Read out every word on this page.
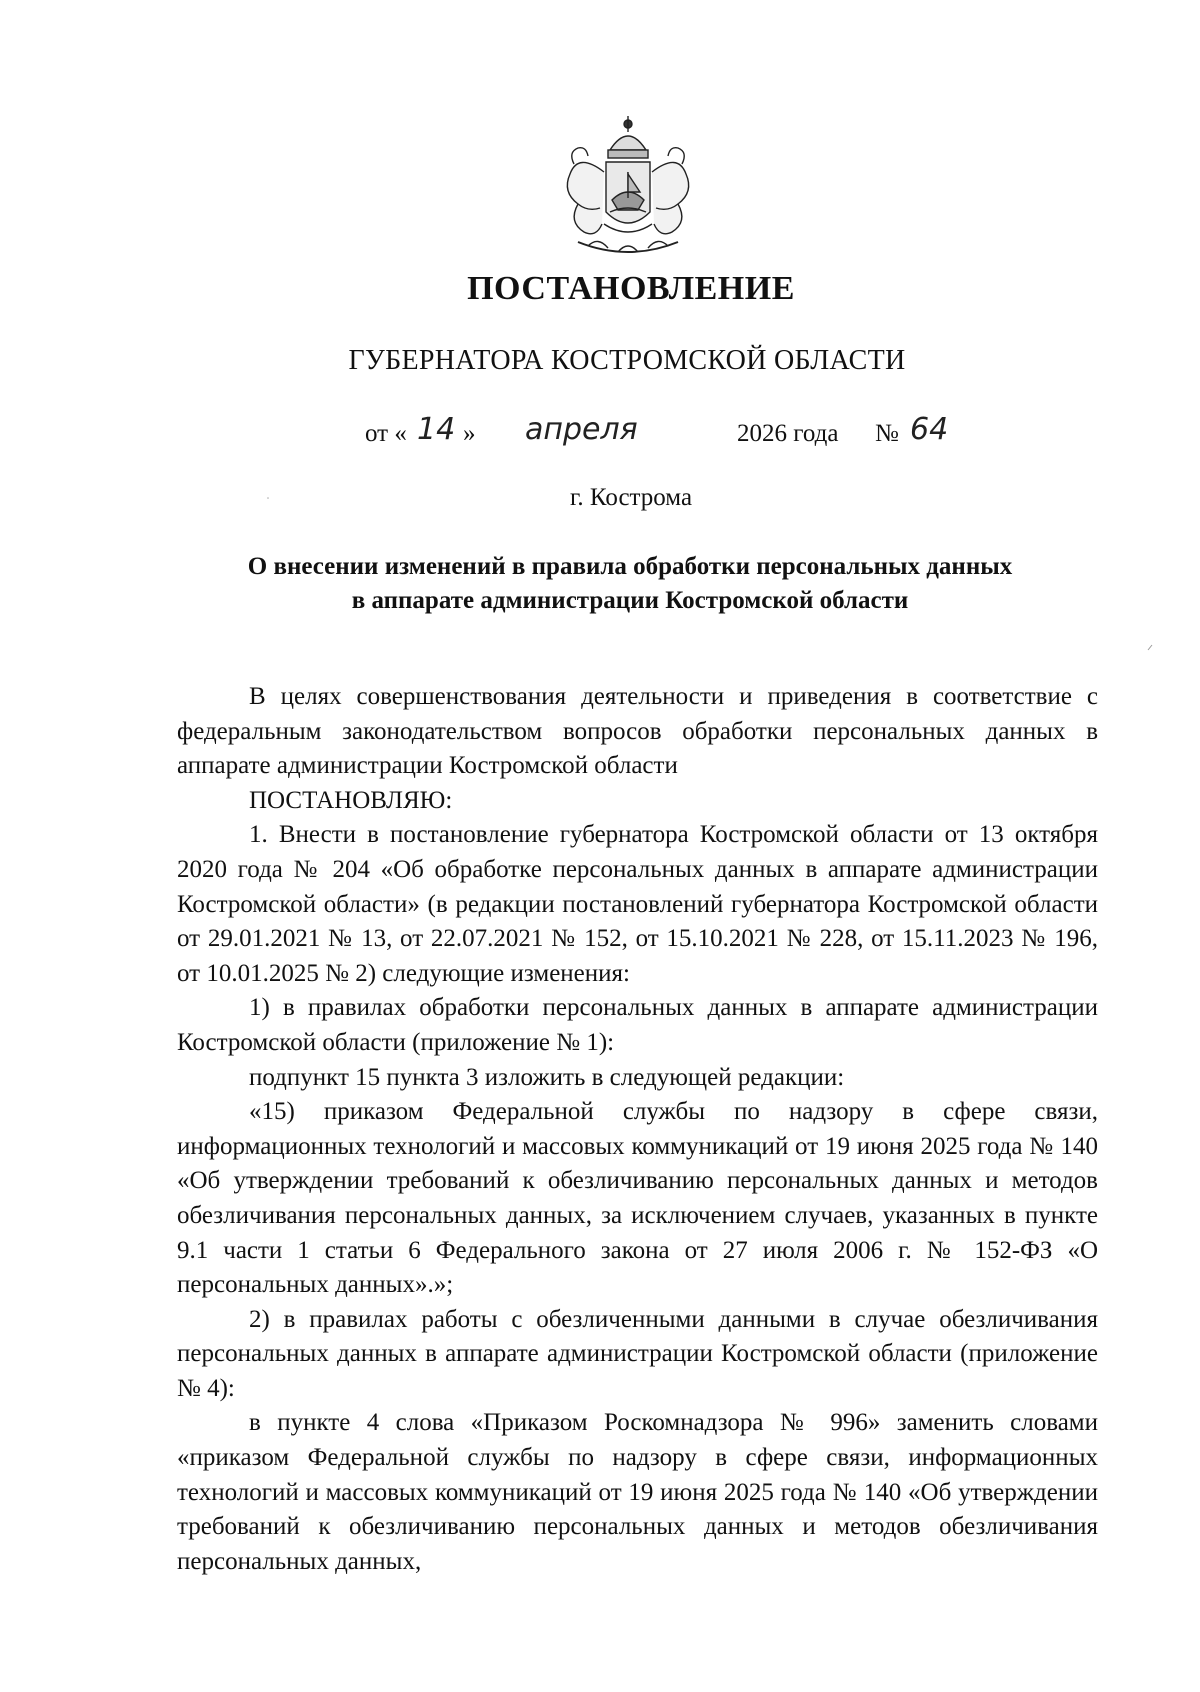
ПОСТАНОВЛЕНИЕ
ГУБЕРНАТОРА КОСТРОМСКОЙ ОБЛАСТИ
от « 14 » апреля	2026 года № 64
г. Кострома
О внесении изменений в правила обработки персональных данных
в аппарате администрации Костромской области

В целях совершенствования деятельности и приведения в соответствие с федеральным законодательством вопросов обработки персональных данных в аппарате администрации Костромской области

ПОСТАНОВЛЯЮ:

1. Внести в постановление губернатора Костромской области от 13 октября 2020 года № 204 «Об обработке персональных данных в аппарате администрации Костромской области» (в редакции постановлений губернатора Костромской области от 29.01.2021 № 13, от 22.07.2021 № 152, от 15.10.2021 № 228, от 15.11.2023 № 196, от 10.01.2025 № 2) следующие изменения:

1) в правилах обработки персональных данных в аппарате администрации Костромской области (приложение № 1):

подпункт 15 пункта 3 изложить в следующей редакции:

«15) приказом Федеральной службы по надзору в сфере связи, информационных технологий и массовых коммуникаций от 19 июня 2025 года № 140 «Об утверждении требований к обезличиванию персональных данных и методов обезличивания персональных данных, за исключением случаев, указанных в пункте 9.1 части 1 статьи 6 Федерального закона от 27 июля 2006 г. № 152-ФЗ «О персональных данных».»;

2) в правилах работы с обезличенными данными в случае обезличивания персональных данных в аппарате администрации Костромской области (приложение № 4):

в пункте 4 слова «Приказом Роскомнадзора № 996» заменить словами «приказом Федеральной службы по надзору в сфере связи, информационных технологий и массовых коммуникаций от 19 июня 2025 года № 140 «Об утверждении требований к обезличиванию персональных данных и методов обезличивания персональных данных,
